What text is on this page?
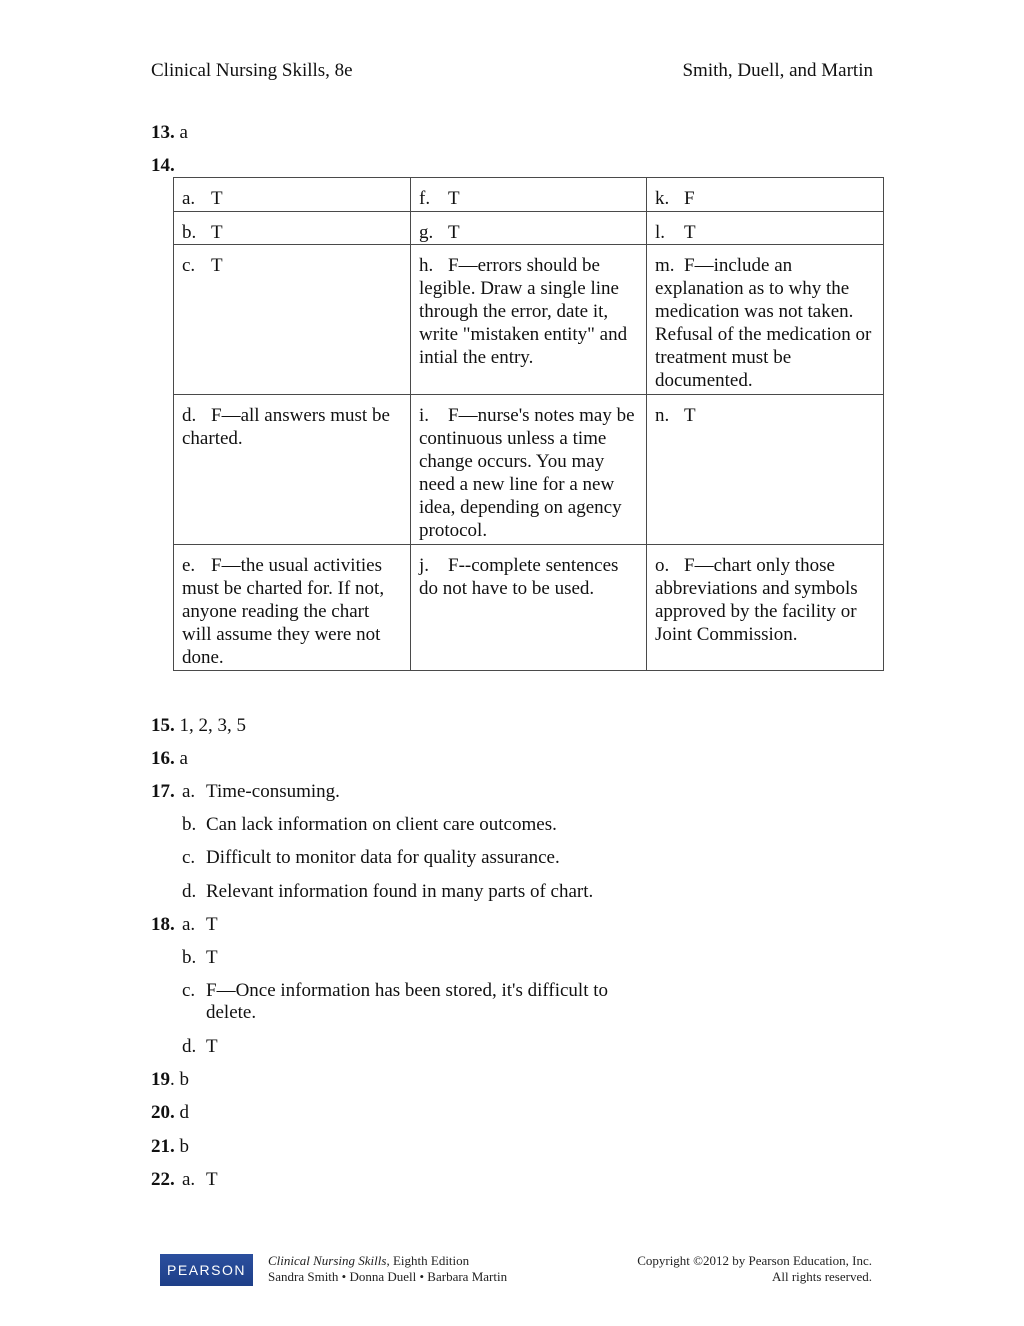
Clinical Nursing Skills, 8e	Smith, Duell, and Martin
13. a
14.
a. T	f. T	k. F
b. T	g. T	l. T
c. T	h. F—errors should be legible. Draw a single line through the error, date it, write "mistaken entity" and intial the entry.	m. F—include an explanation as to why the medication was not taken. Refusal of the medication or treatment must be documented.
d. F—all answers must be charted.	i. F—nurse's notes may be continuous unless a time change occurs. You may need a new line for a new idea, depending on agency protocol.	n. T
e. F—the usual activities must be charted for. If not, anyone reading the chart will assume they were not done.	j. F--complete sentences do not have to be used.	o. F—chart only those abbreviations and symbols approved by the facility or Joint Commission.
15. 1, 2, 3, 5
16. a
17. a. Time-consuming.
b. Can lack information on client care outcomes.
c. Difficult to monitor data for quality assurance.
d. Relevant information found in many parts of chart.
18. a. T
b. T
c. F—Once information has been stored, it's difficult to delete.
d. T
19. b
20. d
21. b
22. a. T
PEARSON
Clinical Nursing Skills, Eighth Edition
Sandra Smith • Donna Duell • Barbara Martin
Copyright ©2012 by Pearson Education, Inc.
All rights reserved.
